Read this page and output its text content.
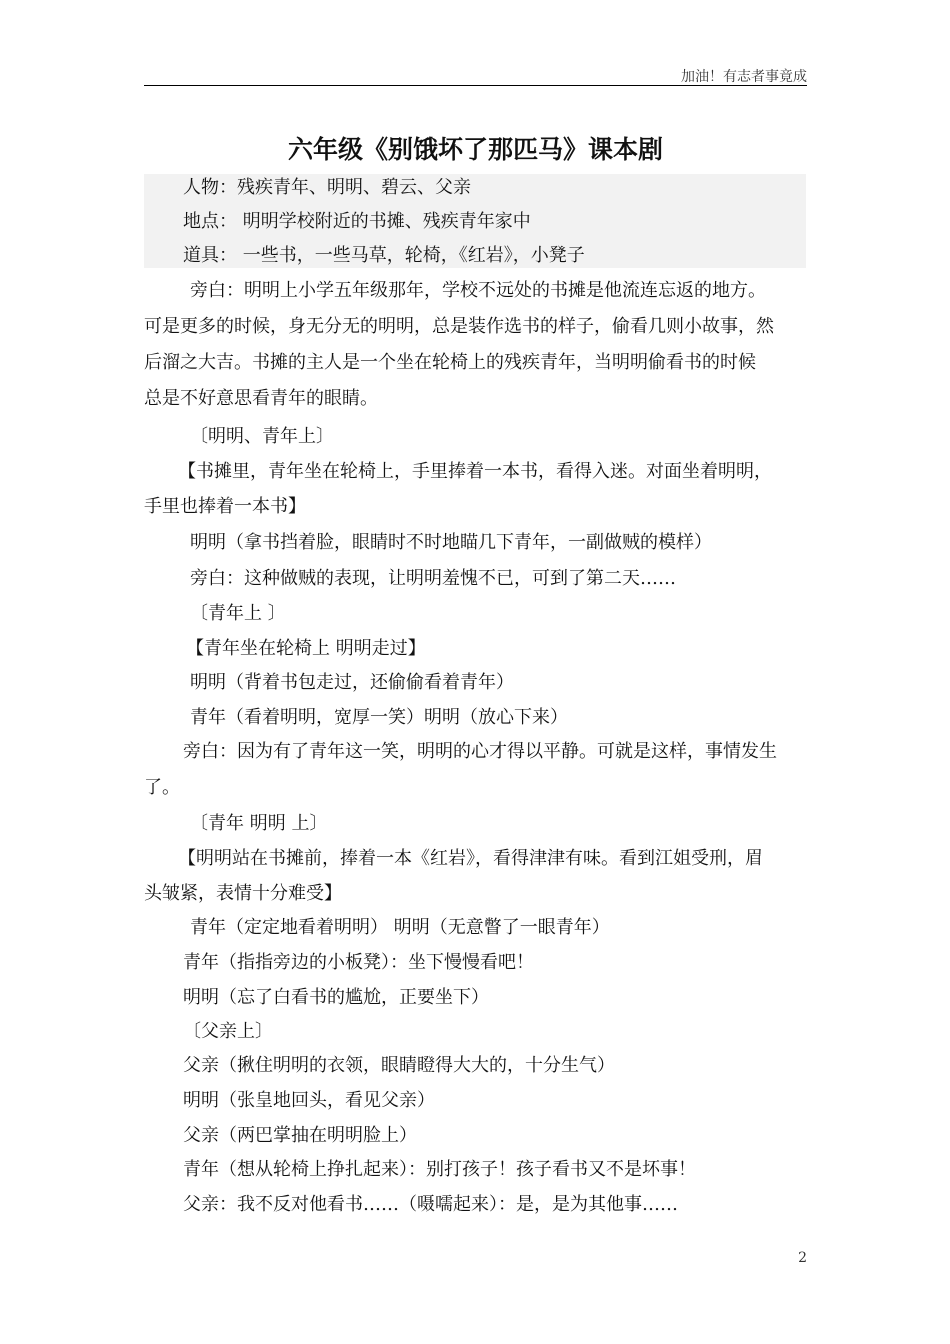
加油！有志者事竟成
六年级《别饿坏了那匹马》课本剧
人物：残疾青年、明明、碧云、父亲
地点： 明明学校附近的书摊、残疾青年家中
道具： 一些书，一些马草，轮椅，《红岩》，小凳子
旁白：明明上小学五年级那年，学校不远处的书摊是他流连忘返的地方。
可是更多的时候，身无分无的明明，总是装作选书的样子，偷看几则小故事，然
后溜之大吉。书摊的主人是一个坐在轮椅上的残疾青年，当明明偷看书的时候
总是不好意思看青年的眼睛。
〔明明、青年上〕
【书摊里，青年坐在轮椅上，手里捧着一本书，看得入迷。对面坐着明明，
手里也捧着一本书】
明明（拿书挡着脸，眼睛时不时地瞄几下青年，一副做贼的模样）
旁白：这种做贼的表现，让明明羞愧不已，可到了第二天……
〔青年上 〕
【青年坐在轮椅上 明明走过】
明明（背着书包走过，还偷偷看着青年）
青年（看着明明，宽厚一笑）明明（放心下来）
旁白：因为有了青年这一笑，明明的心才得以平静。可就是这样，事情发生
了。
〔青年 明明 上〕
【明明站在书摊前，捧着一本《红岩》，看得津津有味。看到江姐受刑，眉
头皱紧，表情十分难受】
青年（定定地看着明明） 明明（无意瞥了一眼青年）
青年（指指旁边的小板凳）：坐下慢慢看吧！
明明（忘了白看书的尴尬，正要坐下）
〔父亲上〕
父亲（揪住明明的衣领，眼睛瞪得大大的，十分生气）
明明（张皇地回头，看见父亲）
父亲（两巴掌抽在明明脸上）
青年（想从轮椅上挣扎起来）：别打孩子！孩子看书又不是坏事！
父亲：我不反对他看书……（嗫嚅起来）：是，是为其他事……
2
